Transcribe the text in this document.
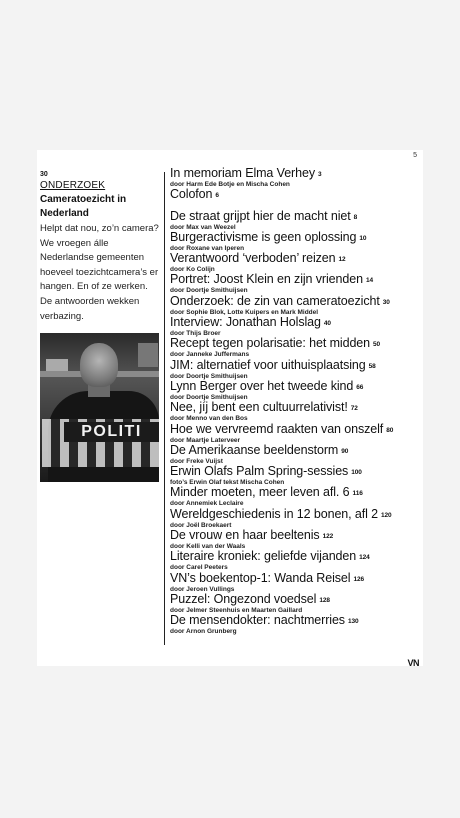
5
30
ONDERZOEK
Cameratoezicht in Nederland
Helpt dat nou, zo’n camera? We vroegen álle Nederlandse gemeenten hoeveel toezichtcamera’s er hangen. En of ze werken. De antwoorden wekken verbazing.
POLITI
In memoriam Elma Verhey 3
door Harm Ede Botje en Mischa Cohen
Colofon 6
De straat grijpt hier de macht niet 8
door Max van Weezel
Burgeractivisme is geen oplossing 10
door Roxane van Iperen
Verantwoord ‘verboden’ reizen 12
door Ko Colijn
Portret: Joost Klein en zijn vrienden 14
door Doortje Smithuijsen
Onderzoek: de zin van cameratoezicht 30
door Sophie Blok, Lotte Kuipers en Mark Middel
Interview: Jonathan Holslag 40
door Thijs Broer
Recept tegen polarisatie: het midden 50
door Janneke Juffermans
JIM: alternatief voor uithuisplaatsing 58
door Doortje Smithuijsen
Lynn Berger over het tweede kind 66
door Doortje Smithuijsen
Nee, jíj bent een cultuurrelativist! 72
door Menno van den Bos
Hoe we vervreemd raakten van onszelf 80
door Maartje Laterveer
De Amerikaanse beeldenstorm 90
door Freke Vuijst
Erwin Olafs Palm Spring-sessies 100
foto’s Erwin Olaf tekst Mischa Cohen
Minder moeten, meer leven afl. 6 116
door Annemiek Leclaire
Wereldgeschiedenis in 12 bonen, afl 2 120
door Joël Broekaert
De vrouw en haar beeltenis 122
door Kelli van der Waals
Literaire kroniek: geliefde vijanden 124
door Carel Peeters
VN’s boekentop-1: Wanda Reisel 126
door Jeroen Vullings
Puzzel: Ongezond voedsel 128
door Jelmer Steenhuis en Maarten Gaillard
De mensendokter: nachtmerries 130
door Arnon Grunberg
VN
